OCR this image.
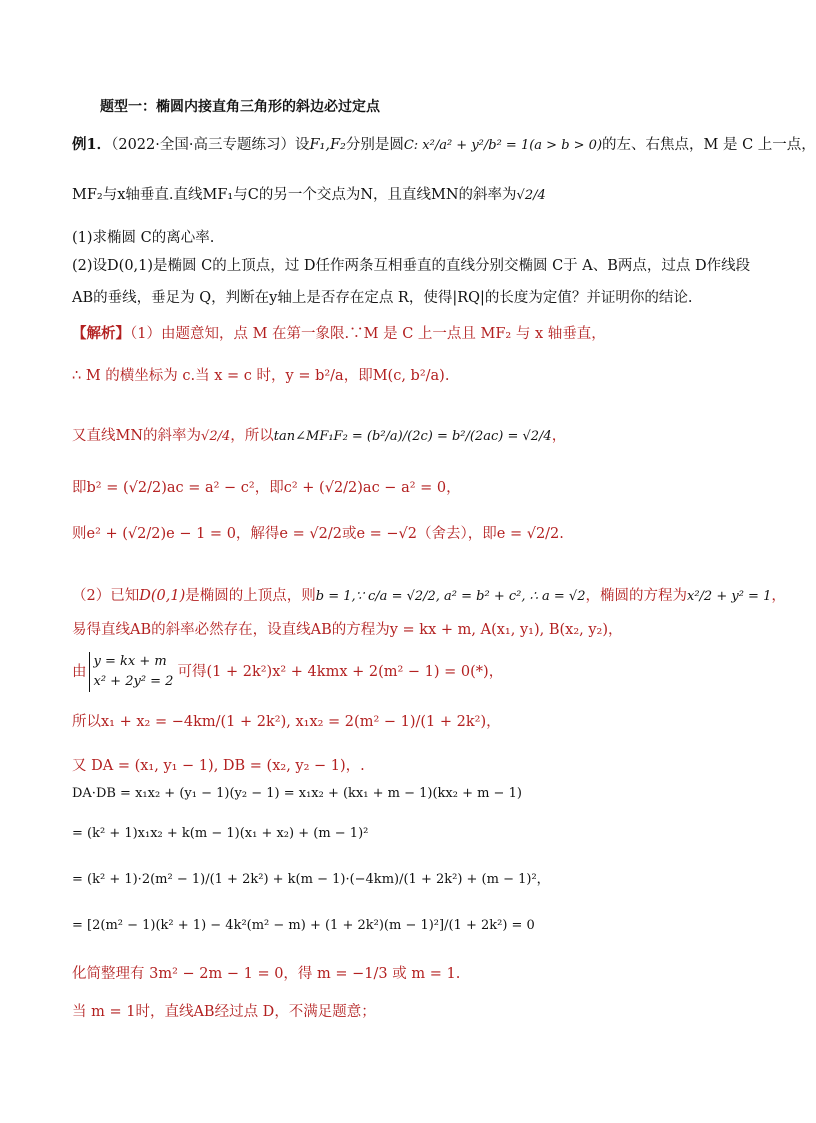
题型一：椭圆内接直角三角形的斜边必过定点
例1．（2022·全国·高三专题练习）设F₁,F₂分别是圆C: x²/a² + y²/b² = 1(a > b > 0)的左、右焦点，M 是 C 上一点，
MF₂与x轴垂直.直线MF₁与C的另一个交点为N，且直线MN的斜率为√2/4
(1)求椭圆 C的离心率.
(2)设D(0,1)是椭圆 C的上顶点，过 D任作两条互相垂直的直线分别交椭圆 C于 A、B两点，过点 D作线段
AB的垂线，垂足为 Q，判断在y轴上是否存在定点 R，使得|RQ|的长度为定值？并证明你的结论.
【解析】（1）由题意知，点 M 在第一象限.∵M 是 C 上一点且 MF₂ 与 x 轴垂直，
∴ M 的横坐标为 c.当 x = c 时，y = b²/a，即M(c, b²/a).
又直线MN的斜率为√2/4，所以tan∠MF₁F₂ = (b²/a)/(2c) = b²/(2ac) = √2/4，
即b² = (√2/2)ac = a² − c²，即c² + (√2/2)ac − a² = 0，
则e² + (√2/2)e − 1 = 0，解得e = √2/2或e = −√2（舍去），即e = √2/2.
（2）已知D(0,1)是椭圆的上顶点，则b = 1,∵ c/a = √2/2, a² = b² + c², ∴ a = √2，椭圆的方程为x²/2 + y² = 1，
易得直线AB的斜率必然存在，设直线AB的方程为y = kx + m, A(x₁, y₁), B(x₂, y₂)，
由
y = kx + m
x² + 2y² = 2
可得(1 + 2k²)x² + 4kmx + 2(m² − 1) = 0(*)，
所以x₁ + x₂ = −4km/(1 + 2k²), x₁x₂ = 2(m² − 1)/(1 + 2k²)，
又 DA = (x₁, y₁ − 1), DB = (x₂, y₂ − 1)，.
DA·DB = x₁x₂ + (y₁ − 1)(y₂ − 1) = x₁x₂ + (kx₁ + m − 1)(kx₂ + m − 1)
= (k² + 1)x₁x₂ + k(m − 1)(x₁ + x₂) + (m − 1)²
= (k² + 1)·2(m² − 1)/(1 + 2k²) + k(m − 1)·(−4km)/(1 + 2k²) + (m − 1)²，
= [2(m² − 1)(k² + 1) − 4k²(m² − m) + (1 + 2k²)(m − 1)²]/(1 + 2k²) = 0
化简整理有 3m² − 2m − 1 = 0，得 m = −1/3 或 m = 1.
当 m = 1时，直线AB经过点 D，不满足题意；
